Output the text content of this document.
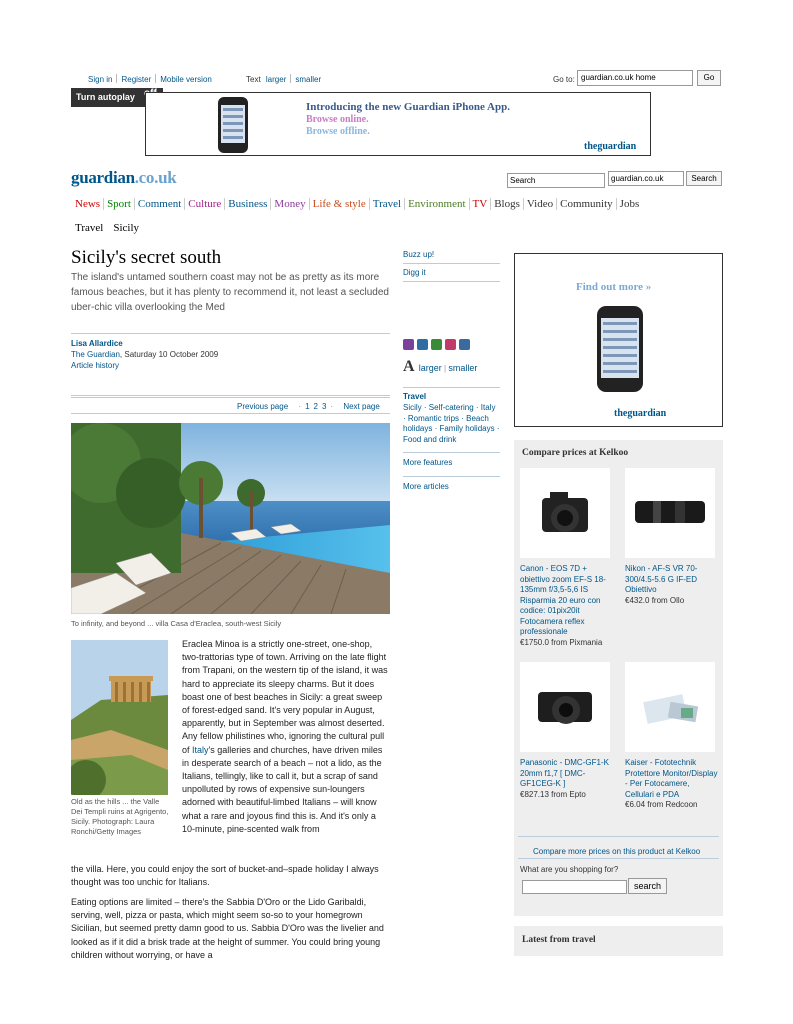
Sign in Register Mobile version	Text larger smaller	Go to: guardian.co.uk home	Go
Turn autoplay
Introducing the new Guardian iPhone App.
Browse online.
Browse offline.
theguardian
guardian.co.uk	Search	guardian.co.uk	Search
News Sport Comment Culture Business Money Life & style Travel Environment TV Blogs Video Community Jobs
Travel Sicily
Sicily's secret south

The island's untamed southern coast may not be as pretty as its more famous beaches, but it has plenty to recommend it, not least a secluded uber-chic villa overlooking the Med

Lisa Allardice
The Guardian, Saturday 10 October 2009
Article history
Previous page · 1 2 3 · Next page
To infinity, and beyond ... villa Casa d'Eraclea, south-west Sicily
Old as the hills ... the Valle Dei Templi ruins at Agrigento, Sicily. Photograph: Laura Ronchi/Getty Images
Eraclea Minoa is a strictly one-street, one-shop, two-trattorias type of town. Arriving on the late flight from Trapani, on the western tip of the island, it was hard to appreciate its sleepy charms. But it does boast one of best beaches in Sicily: a great sweep of forest-edged sand. It's very popular in August, apparently, but in September was almost deserted. Any fellow philistines who, ignoring the cultural pull of Italy's galleries and churches, have driven miles in desperate search of a beach – not a lido, as the Italians, tellingly, like to call it, but a scrap of sand unpolluted by rows of expensive sun-loungers adorned with beautiful-limbed Italians – will know what a rare and joyous find this is. And it's only a 10-minute, pine-scented walk from
the villa. Here, you could enjoy the sort of bucket-and–spade holiday I always thought was too unchic for Italians.
Eating options are limited – there's the Sabbia D'Oro or the Lido Garibaldi, serving, well, pizza or pasta, which might seem so-so to your homegrown Sicilian, but seemed pretty damn good to us. Sabbia D'Oro was the livelier and looked as if it did a brisk trade at the height of summer. You could bring young children without worrying, or have a
Buzz up!
Digg it
A larger | smaller
Travel
Sicily · Self-catering · Italy · Romantic trips · Beach holidays · Family holidays · Food and drink
More features
More articles
Find out more »
theguardian
Compare prices at Kelkoo
Canon - EOS 7D + obiettivo zoom EF-S 18-135mm f/3,5-5,6 IS Risparmia 20 euro con codice: 01pix20it Fotocamera reflex professionale
€1750.0 from Pixmania
Nikon - AF-S VR 70-300/4.5-5.6 G IF-ED Obiettivo
€432.0 from Ollo
Panasonic - DMC-GF1-K 20mm f1,7 [ DMC-GF1CEG-K ]
€827.13 from Epto
Kaiser - Fototechnik Protettore Monitor/Display - Per Fotocamere, Cellulari e PDA
€6.04 from Redcoon
Compare more prices on this product at Kelkoo
What are you shopping for?
search
Latest from travel
